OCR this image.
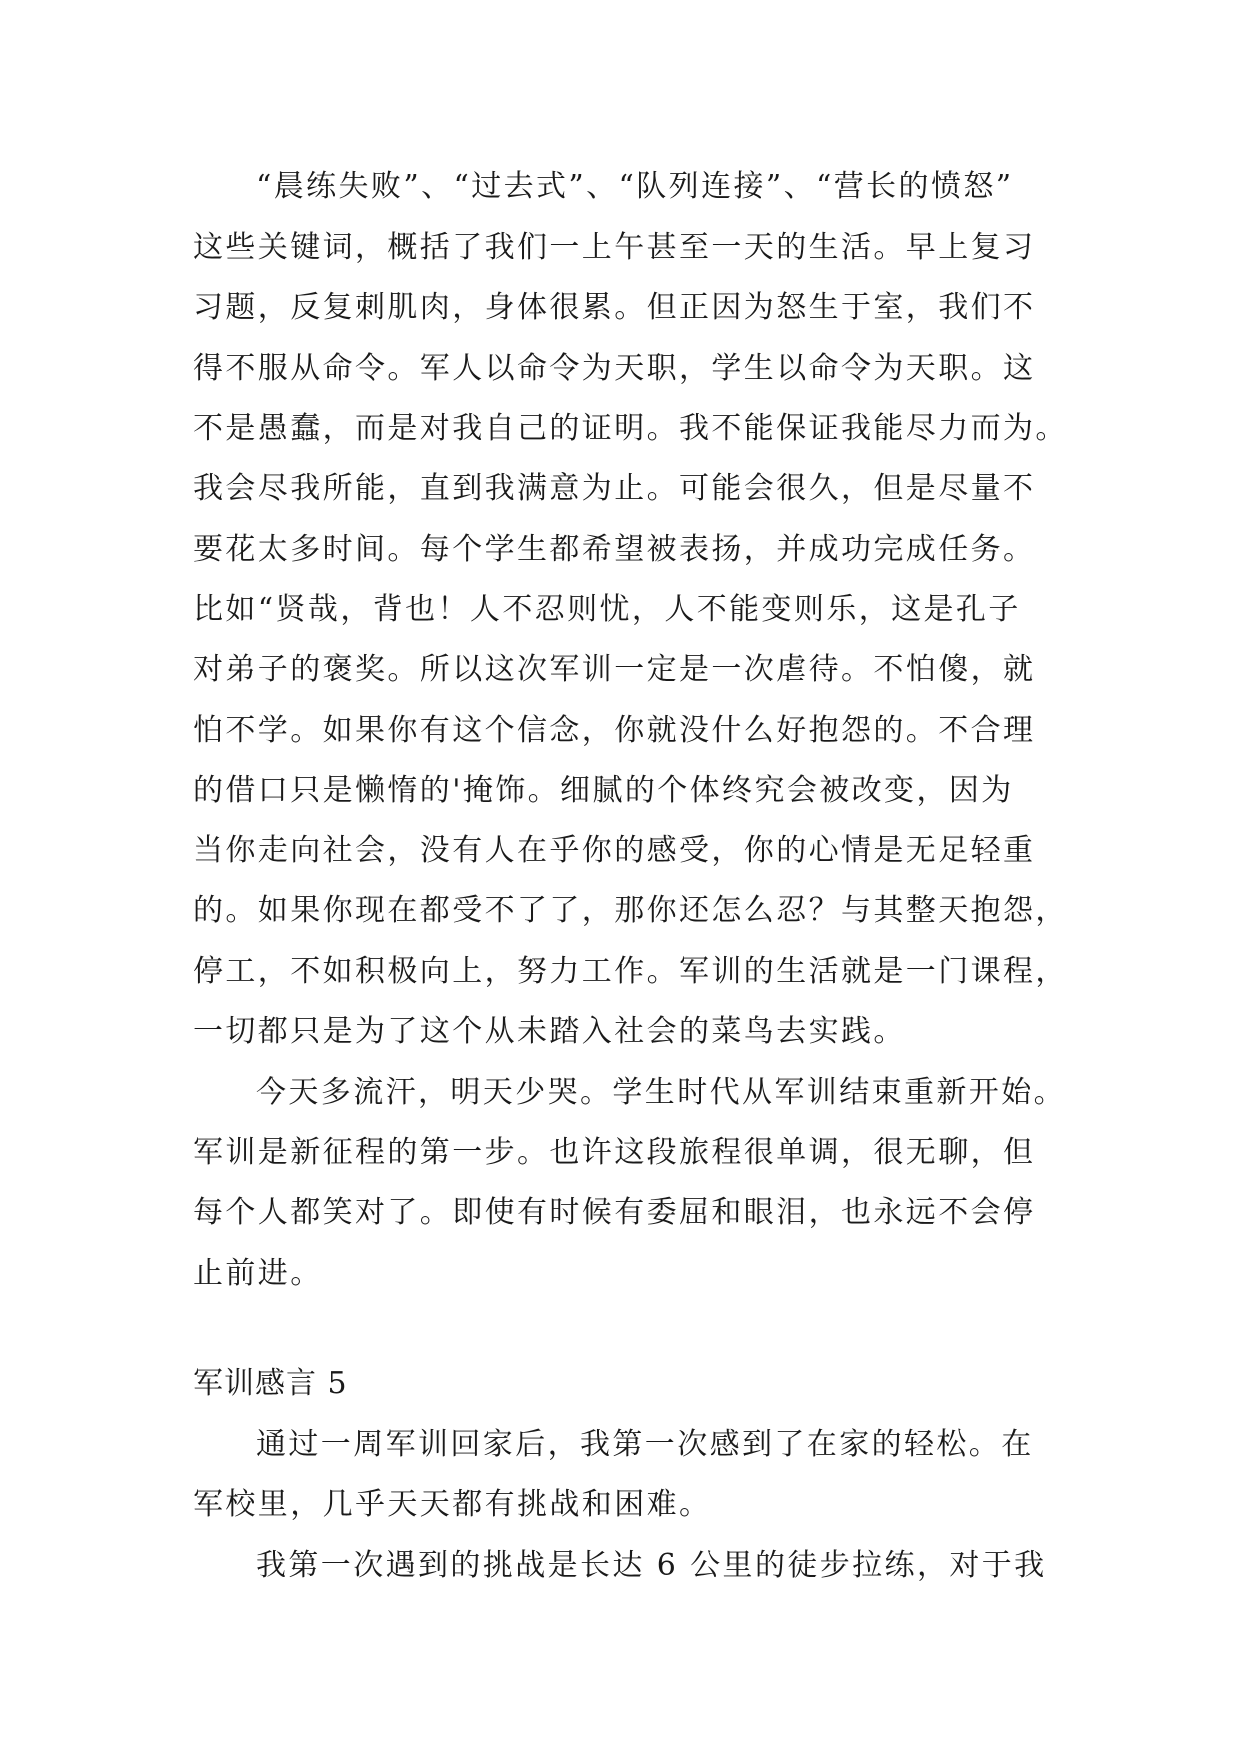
“晨练失败”、“过去式”、“队列连接”、“营长的愤怒”
这些关键词，概括了我们一上午甚至一天的生活。早上复习
习题，反复刺肌肉，身体很累。但正因为怒生于室，我们不
得不服从命令。军人以命令为天职，学生以命令为天职。这
不是愚蠢，而是对我自己的证明。我不能保证我能尽力而为。
我会尽我所能，直到我满意为止。可能会很久，但是尽量不
要花太多时间。每个学生都希望被表扬，并成功完成任务。
比如“贤哉，背也！人不忍则忧，人不能变则乐，这是孔子
对弟子的褒奖。所以这次军训一定是一次虐待。不怕傻，就
怕不学。如果你有这个信念，你就没什么好抱怨的。不合理
的借口只是懒惰的'掩饰。细腻的个体终究会被改变，因为
当你走向社会，没有人在乎你的感受，你的心情是无足轻重
的。如果你现在都受不了了，那你还怎么忍？与其整天抱怨，
停工，不如积极向上，努力工作。军训的生活就是一门课程，
一切都只是为了这个从未踏入社会的菜鸟去实践。
今天多流汗，明天少哭。学生时代从军训结束重新开始。
军训是新征程的第一步。也许这段旅程很单调，很无聊，但
每个人都笑对了。即使有时候有委屈和眼泪，也永远不会停
止前进。
军训感言 5
通过一周军训回家后，我第一次感到了在家的轻松。在
军校里，几乎天天都有挑战和困难。
我第一次遇到的挑战是长达 6 公里的徒步拉练，对于我
